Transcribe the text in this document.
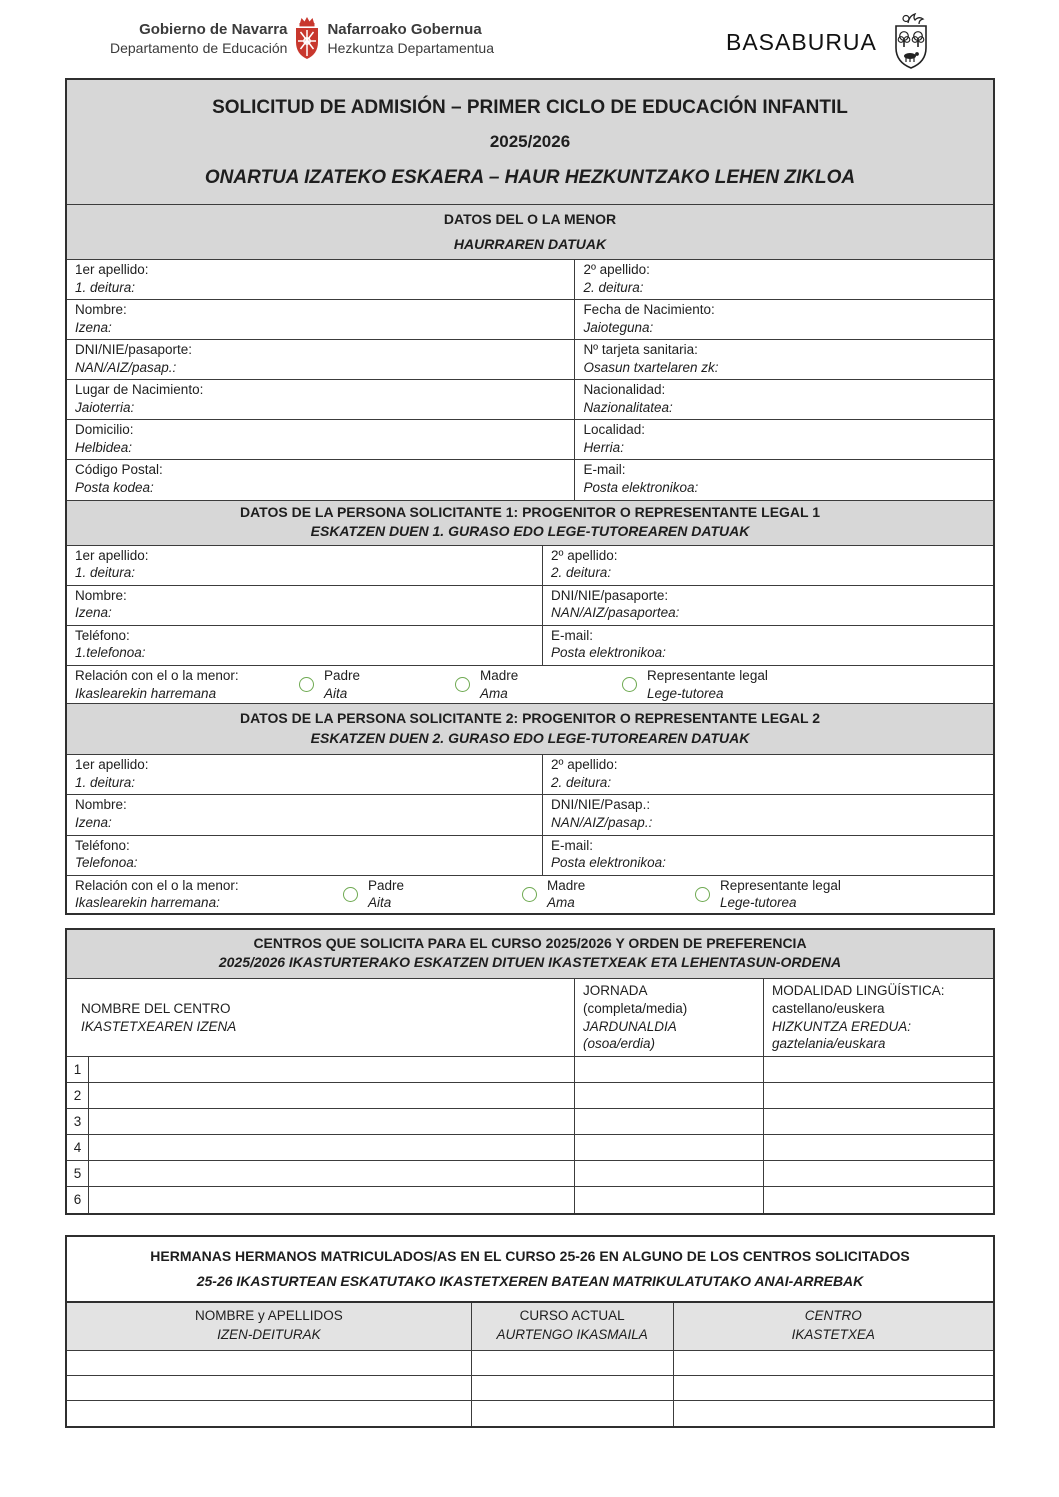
Gobierno de Navarra
Departamento de Educación
Nafarroako Gobernua
Hezkuntza Departamentua	BASABURUA
SOLICITUD DE ADMISIÓN – PRIMER CICLO DE EDUCACIÓN INFANTIL
2025/2026
ONARTUA IZATEKO ESKAERA – HAUR HEZKUNTZAKO LEHEN ZIKLOA
DATOS DEL O LA MENOR
HAURRAREN DATUAK
1er apellido:
1. deitura:
2º apellido:
2. deitura:
Nombre:
Izena:
Fecha de Nacimiento:
Jaioteguna:
DNI/NIE/pasaporte:
NAN/AIZ/pasap.:
Nº tarjeta sanitaria:
Osasun txartelaren zk:
Lugar de Nacimiento:
Jaioterria:
Nacionalidad:
Nazionalitatea:
Domicilio:
Helbidea:
Localidad:
Herria:
Código Postal:
Posta kodea:
E-mail:
Posta elektronikoa:
DATOS DE LA PERSONA SOLICITANTE 1: PROGENITOR O REPRESENTANTE LEGAL 1
ESKATZEN DUEN 1. GURASO EDO LEGE-TUTOREAREN DATUAK
1er apellido:
1. deitura:
2º apellido:
2. deitura:
Nombre:
Izena:
DNI/NIE/pasaporte:
NAN/AIZ/pasaportea:
Teléfono:
1.telefonoa:
E-mail:
Posta elektronikoa:
Relación con el o la menor:
Ikaslearekin harremana
Padre
Aita
Madre
Ama
Representante legal
Lege-tutorea
DATOS DE LA PERSONA SOLICITANTE 2: PROGENITOR O REPRESENTANTE LEGAL 2
ESKATZEN DUEN 2. GURASO EDO LEGE-TUTOREAREN DATUAK
1er apellido:
1. deitura:
2º apellido:
2. deitura:
Nombre:
Izena:
DNI/NIE/Pasap.:
NAN/AIZ/pasap.:
Teléfono:
Telefonoa:
E-mail:
Posta elektronikoa:
Relación con el o la menor:
Ikaslearekin harremana:
Padre
Aita
Madre
Ama
Representante legal
Lege-tutorea
CENTROS QUE SOLICITA PARA EL CURSO 2025/2026 Y ORDEN DE PREFERENCIA
2025/2026 IKASTURTERAKO ESKATZEN DITUEN IKASTETXEAK ETA LEHENTASUN-ORDENA
NOMBRE DEL CENTRO
IKASTETXEAREN IZENA
JORNADA
(completa/media)
JARDUNALDIA
(osoa/erdia)
MODALIDAD LINGÜÍSTICA:
castellano/euskera
HIZKUNTZA EREDUA:
gaztelania/euskara
1
2
3
4
5
6
HERMANAS HERMANOS MATRICULADOS/AS EN EL CURSO 25-26 EN ALGUNO DE LOS CENTROS SOLICITADOS
25-26 IKASTURTEAN ESKATUTAKO IKASTETXEREN BATEAN MATRIKULATUTAKO ANAI-ARREBAK
NOMBRE y APELLIDOS
IZEN-DEITURAK
CURSO ACTUAL
AURTENGO IKASMAILA
CENTRO
IKASTETXEA
